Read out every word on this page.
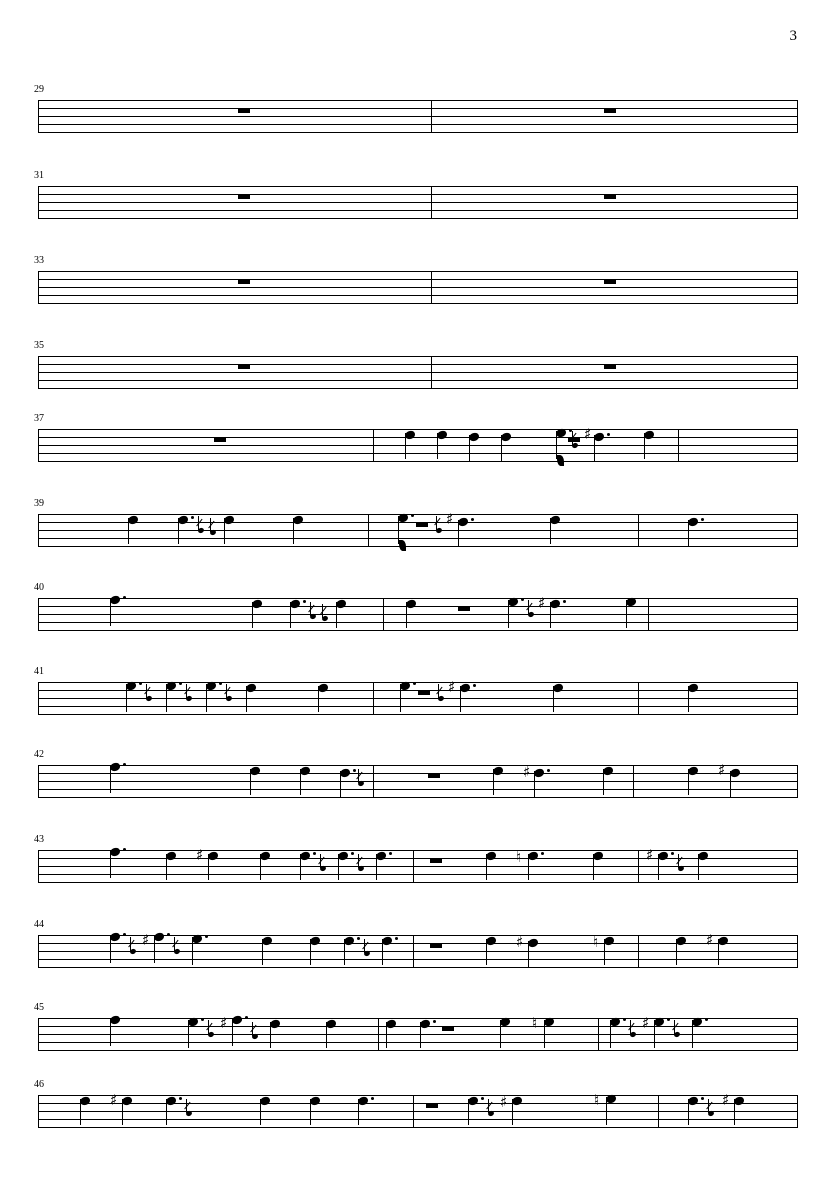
3
29
31
33
35
37
♯
39
♯
40
♯
41
♯
42
♯	♯
43
♯	♮	♯
44
♯	♯	♮	♯
45
♯	♮	♯
46
♯	♯	♮	♯
